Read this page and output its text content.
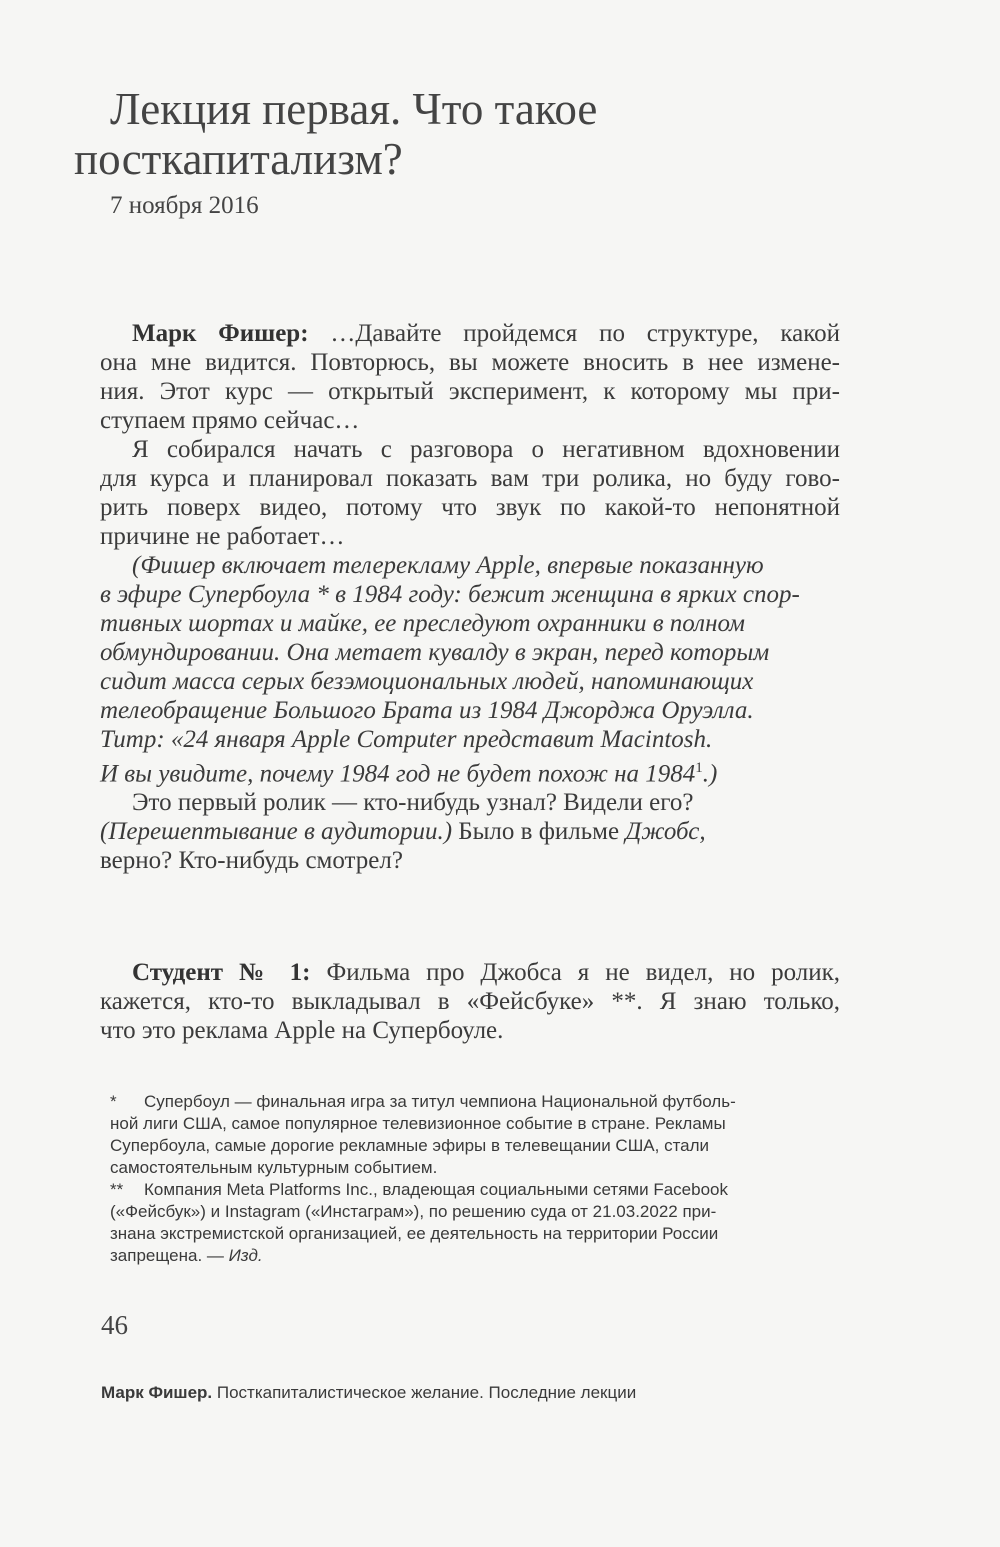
Лекция первая. Что такое
посткапитализм?
7 ноября 2016

Марк Фишер: …Давайте пройдемся по структуре, какой

она мне видится. Повторюсь, вы можете вносить в нее измене-

ния. Этот курс — открытый эксперимент, к которому мы при-

ступаем прямо сейчас…

Я собирался начать с разговора о негативном вдохновении

для курса и планировал показать вам три ролика, но буду гово-

рить поверх видео, потому что звук по какой-то непонятной

причине не работает…

(Фишер включает телерекламу Apple, впервые показанную

в эфире Супербоула * в 1984 году: бежит женщина в ярких спор-

тивных шортах и майке, ее преследуют охранники в полном

обмундировании. Она метает кувалду в экран, перед которым

сидит масса серых безэмоциональных людей, напоминающих

телеобращение Большого Брата из 1984 Джорджа Оруэлла.

Титр: «24 января Apple Computer представит Macintosh.

И вы увидите, почему 1984 год не будет похож на 1984$^1$.)

Это первый ролик — кто-нибудь узнал? Видели его?

(Перешептывание в аудитории.) Было в фильме Джобс,

верно? Кто-нибудь смотрел?

Студент № 1: Фильма про Джобса я не видел, но ролик,

кажется, кто-то выкладывал в «Фейсбуке» **. Я знаю только,

что это реклама Apple на Супербоуле.

* Супербоул — финальная игра за титул чемпиона Национальной футболь-

ной лиги США, самое популярное телевизионное событие в стране. Рекламы

Супербоула, самые дорогие рекламные эфиры в телевещании США, стали

самостоятельным культурным событием.

** Компания Meta Platforms Inc., владеющая социальными сетями Facebook

(«Фейсбук») и Instagram («Инстаграм»), по решению суда от 21.03.2022 при-

знана экстремистской организацией, ее деятельность на территории России

запрещена. — Изд.

46
Марк Фишер. Посткапиталистическое желание. Последние лекции
